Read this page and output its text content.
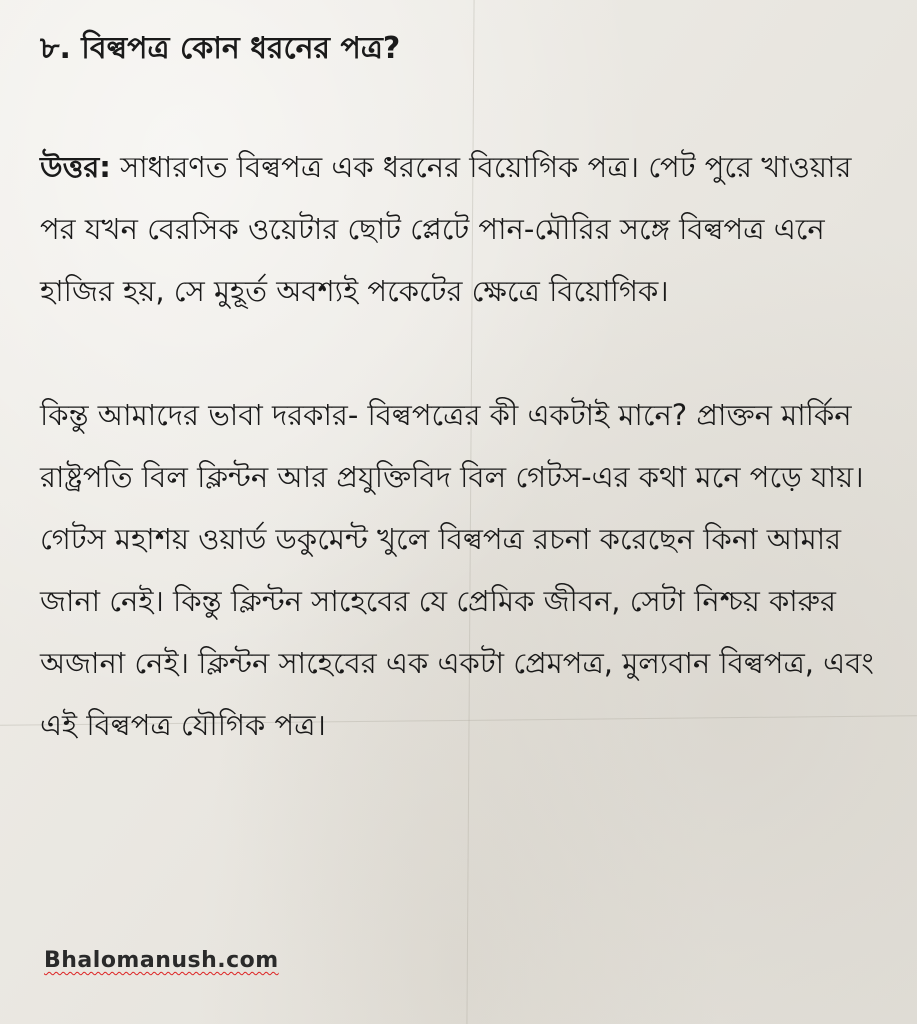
৮. বিল্বপত্র কোন ধরনের পত্র?

উত্তর: সাধারণত বিল্বপত্র এক ধরনের বিয়োগিক পত্র। পেট পুরে খাওয়ার পর যখন বেরসিক ওয়েটার ছোট প্লেটে পান-মৌরির সঙ্গে বিল্বপত্র এনে হাজির হয়, সে মুহূর্ত অবশ্যই পকেটের ক্ষেত্রে বিয়োগিক।

কিন্তু আমাদের ভাবা দরকার- বিল্বপত্রের কী একটাই মানে? প্রাক্তন মার্কিন রাষ্ট্রপতি বিল ক্লিন্টন আর প্রযুক্তিবিদ বিল গেটস-এর কথা মনে পড়ে যায়। গেটস মহাশয় ওয়ার্ড ডকুমেন্ট খুলে বিল্বপত্র রচনা করেছেন কিনা আমার জানা নেই। কিন্তু ক্লিন্টন সাহেবের যে প্রেমিক জীবন, সেটা নিশ্চয় কারুর অজানা নেই। ক্লিন্টন সাহেবের এক একটা প্রেমপত্র, মুল্যবান বিল্বপত্র, এবং এই বিল্বপত্র যৌগিক পত্র।

Bhalomanush.com
